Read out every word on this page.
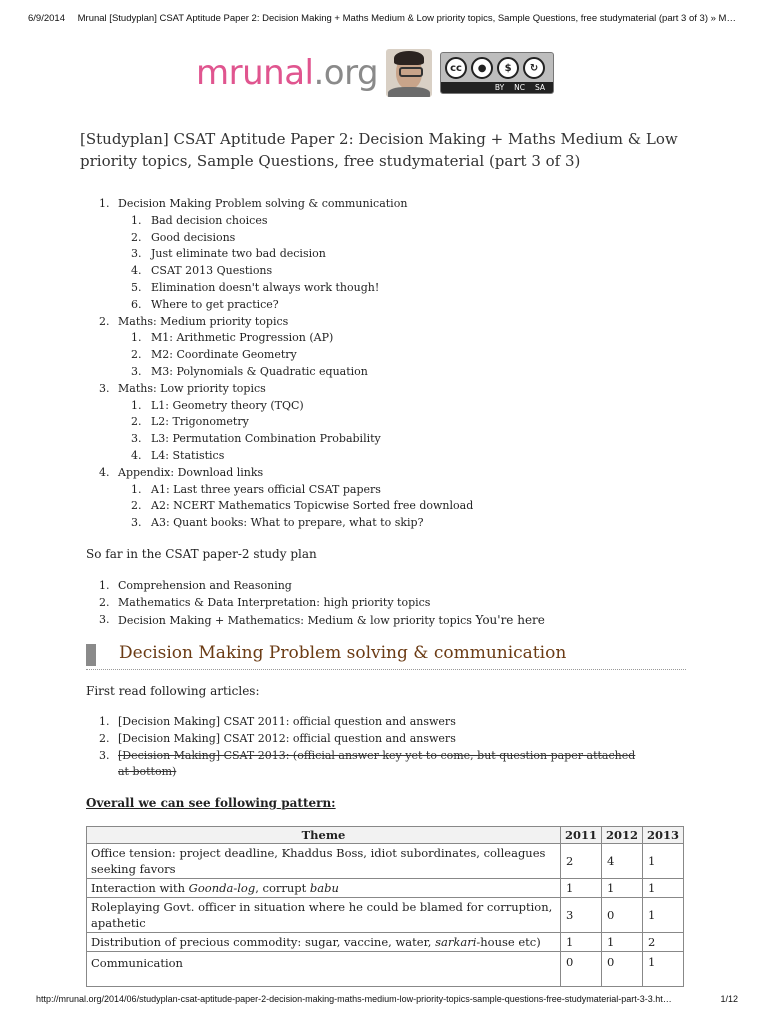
6/9/2014 Mrunal [Studyplan] CSAT Aptitude Paper 2: Decision Making + Maths Medium & Low priority topics, Sample Questions, free studymaterial (part 3 of 3) » M…
mrunal.org	cc	●	$	↻
BY NC SA
[Studyplan] CSAT Aptitude Paper 2: Decision Making + Maths Medium & Low priority topics, Sample Questions, free studymaterial (part 3 of 3)
1. Decision Making Problem solving & communication
1. Bad decision choices
2. Good decisions
3. Just eliminate two bad decision
4. CSAT 2013 Questions
5. Elimination doesn't always work though!
6. Where to get practice?
2. Maths: Medium priority topics
1. M1: Arithmetic Progression (AP)
2. M2: Coordinate Geometry
3. M3: Polynomials & Quadratic equation
3. Maths: Low priority topics
1. L1: Geometry theory (TQC)
2. L2: Trigonometry
3. L3: Permutation Combination Probability
4. L4: Statistics
4. Appendix: Download links
1. A1: Last three years official CSAT papers
2. A2: NCERT Mathematics Topicwise Sorted free download
3. A3: Quant books: What to prepare, what to skip?
So far in the CSAT paper-2 study plan
1. Comprehension and Reasoning
2. Mathematics & Data Interpretation: high priority topics
3. Decision Making + Mathematics: Medium & low priority topics You're here
Decision Making Problem solving & communication
First read following articles:
1. [Decision Making] CSAT 2011: official question and answers
2. [Decision Making] CSAT 2012: official question and answers
3. [Decision Making] CSAT 2013: (official answer key yet to come, but question paper attached at bottom)
Overall we can see following pattern:
Theme	2011	2012	2013
Office tension: project deadline, Khaddus Boss, idiot subordinates, colleagues seeking favors	2	4	1
Interaction with Goonda-log, corrupt babu	1	1	1
Roleplaying Govt. officer in situation where he could be blamed for corruption, apathetic	3	0	1
Distribution of precious commodity: sugar, vaccine, water, sarkari-house etc)	1	1	2
Communication	0	0	1
http://mrunal.org/2014/06/studyplan-csat-aptitude-paper-2-decision-making-maths-medium-low-priority-topics-sample-questions-free-studymaterial-part-3-3.ht…	1/12
